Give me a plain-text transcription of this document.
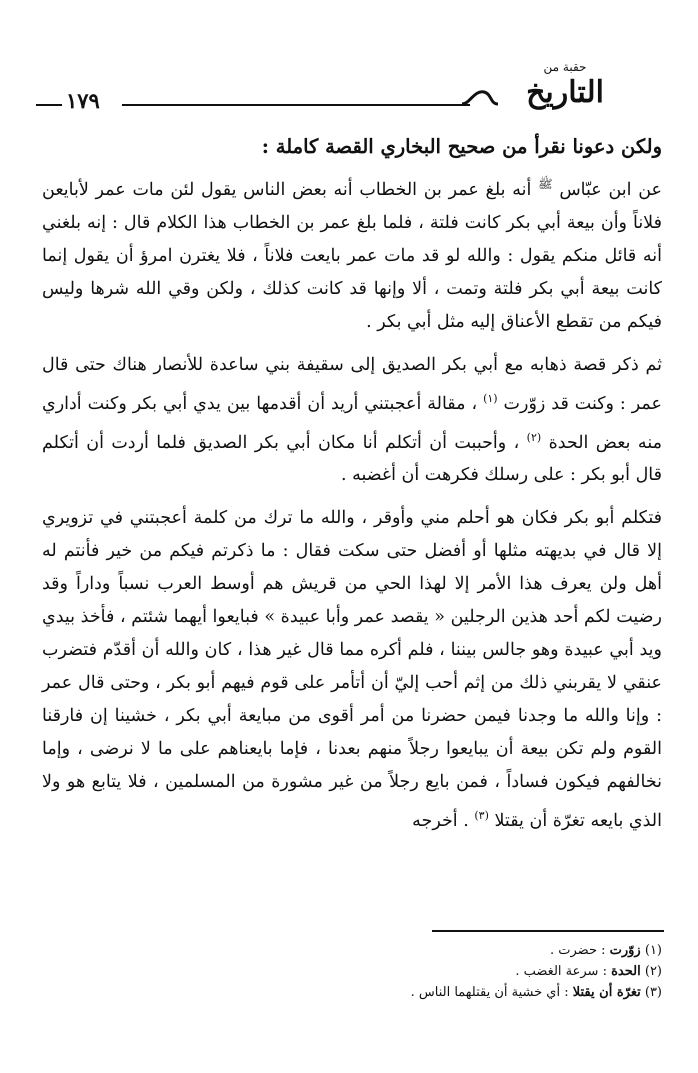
١٧٩
حقبة من
التاريخ

ولكن دعونا نقرأ من صحيح البخاري القصة كاملة :

عن ابن عبّاس $^ﷺ$ أنه بلغ عمر بن الخطاب أنه بعض الناس يقول لئن مات عمر لأبايعن فلاناً وأن بيعة أبي بكر كانت فلتة ، فلما بلغ عمر بن الخطاب هذا الكلام قال : إنه بلغني أنه قائل منكم يقول : والله لو قد مات عمر بايعت فلاناً ، فلا يغترن امرؤ أن يقول إنما كانت بيعة أبي بكر فلتة وتمت ، ألا وإنها قد كانت كذلك ، ولكن وقي الله شرها وليس فيكم من تقطع الأعناق إليه مثل أبي بكر .

ثم ذكر قصة ذهابه مع أبي بكر الصديق إلى سقيفة بني ساعدة للأنصار هناك حتى قال عمر : وكنت قد زوّرت $^{(١)}$ ، مقالة أعجبتني أريد أن أقدمها بين يدي أبي بكر وكنت أداري منه بعض الحدة $^{(٢)}$ ، وأحببت أن أتكلم أنا مكان أبي بكر الصديق فلما أردت أن أتكلم قال أبو بكر : على رسلك فكرهت أن أغضبه .

فتكلم أبو بكر فكان هو أحلم مني وأوقر ، والله ما ترك من كلمة أعجبتني في تزويري إلا قال في بديهته مثلها أو أفضل حتى سكت فقال : ما ذكرتم فيكم من خير فأنتم له أهل ولن يعرف هذا الأمر إلا لهذا الحي من قريش هم أوسط العرب نسباً وداراً وقد رضيت لكم أحد هذين الرجلين « يقصد عمر وأبا عبيدة » فبايعوا أيهما شئتم ، فأخذ بيدي ويد أبي عبيدة وهو جالس بيننا ، فلم أكره مما قال غير هذا ، كان والله أن أقدّم فتضرب عنقي لا يقربني ذلك من إثم أحب إليّ أن أتأمر على قوم فيهم أبو بكر ، وحتى قال عمر : وإنا والله ما وجدنا فيمن حضرنا من أمر أقوى من مبايعة أبي بكر ، خشينا إن فارقنا القوم ولم تكن بيعة أن يبايعوا رجلاً منهم بعدنا ، فإما بايعناهم على ما لا نرضى ، وإما نخالفهم فيكون فساداً ، فمن بايع رجلاً من غير مشورة من المسلمين ، فلا يتابع هو ولا الذي بايعه تغرّة أن يقتلا $^{(٣)}$ . أخرجه

(١) زوّرت : حضرت .

(٢) الحدة : سرعة الغضب .

(٣) تغرّة أن يقتلا : أي خشية أن يقتلهما الناس .
